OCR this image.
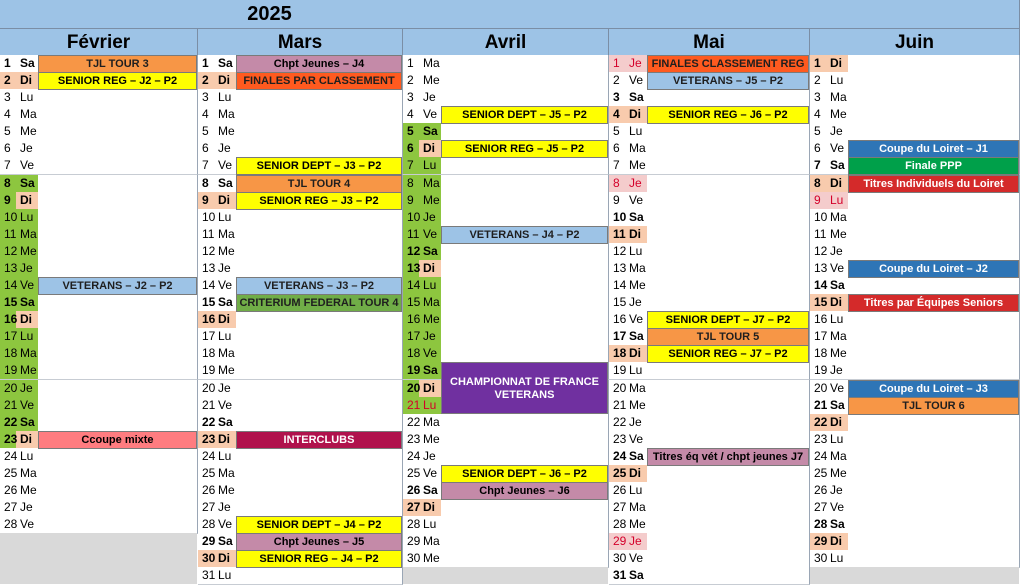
2025
Février
1 Sa
2 Di
3 Lu
4 Ma
5 Me
6 Je
7 Ve
8 Sa
9 Di
10 Lu
11 Ma
12 Me
13 Je
14 Ve
15 Sa
16 Di
17 Lu
18 Ma
19 Me
20 Je
21 Ve
22 Sa
23 Di
24 Lu
25 Ma
26 Me
27 Je
28 Ve
TJL TOUR 3
SENIOR REG – J2 – P2
VETERANS – J2 – P2
Ccoupe mixte
Mars
1 Sa
2 Di
3 Lu
4 Ma
5 Me
6 Je
7 Ve
8 Sa
9 Di
10 Lu
11 Ma
12 Me
13 Je
14 Ve
15 Sa
16 Di
17 Lu
18 Ma
19 Me
20 Je
21 Ve
22 Sa
23 Di
24 Lu
25 Ma
26 Me
27 Je
28 Ve
29 Sa
30 Di
31 Lu
Chpt Jeunes – J4
FINALES PAR CLASSEMENT
SENIOR DEPT – J3 – P2
TJL TOUR 4
SENIOR REG – J3 – P2
VETERANS – J3 – P2
CRITERIUM FEDERAL TOUR 4
INTERCLUBS
SENIOR DEPT – J4 – P2
Chpt Jeunes – J5
SENIOR REG – J4 – P2
Avril
1 Ma
2 Me
3 Je
4 Ve
5 Sa
6 Di
7 Lu
8 Ma
9 Me
10 Je
11 Ve
12 Sa
13 Di
14 Lu
15 Ma
16 Me
17 Je
18 Ve
19 Sa
20 Di
21 Lu
22 Ma
23 Me
24 Je
25 Ve
26 Sa
27 Di
28 Lu
29 Ma
30 Me
SENIOR DEPT – J5 – P2
SENIOR REG – J5 – P2
VETERANS – J4 – P2
CHAMPIONNAT DE FRANCE VETERANS
SENIOR DEPT – J6 – P2
Chpt Jeunes – J6
Mai
1 Je
2 Ve
3 Sa
4 Di
5 Lu
6 Ma
7 Me
8 Je
9 Ve
10 Sa
11 Di
12 Lu
13 Ma
14 Me
15 Je
16 Ve
17 Sa
18 Di
19 Lu
20 Ma
21 Me
22 Je
23 Ve
24 Sa
25 Di
26 Lu
27 Ma
28 Me
29 Je
30 Ve
31 Sa
FINALES CLASSEMENT REG
VETERANS – J5 – P2
SENIOR REG – J6 – P2
SENIOR DEPT – J7 – P2
TJL TOUR 5
SENIOR REG – J7 – P2
Titres éq vét / chpt jeunes J7
Juin
1 Di
2 Lu
3 Ma
4 Me
5 Je
6 Ve
7 Sa
8 Di
9 Lu
10 Ma
11 Me
12 Je
13 Ve
14 Sa
15 Di
16 Lu
17 Ma
18 Me
19 Je
20 Ve
21 Sa
22 Di
23 Lu
24 Ma
25 Me
26 Je
27 Ve
28 Sa
29 Di
30 Lu
Coupe du Loiret – J1
Finale PPP
Titres Individuels du Loiret
Coupe du Loiret – J2
Titres par Équipes Seniors
Coupe du Loiret – J3
TJL TOUR 6
